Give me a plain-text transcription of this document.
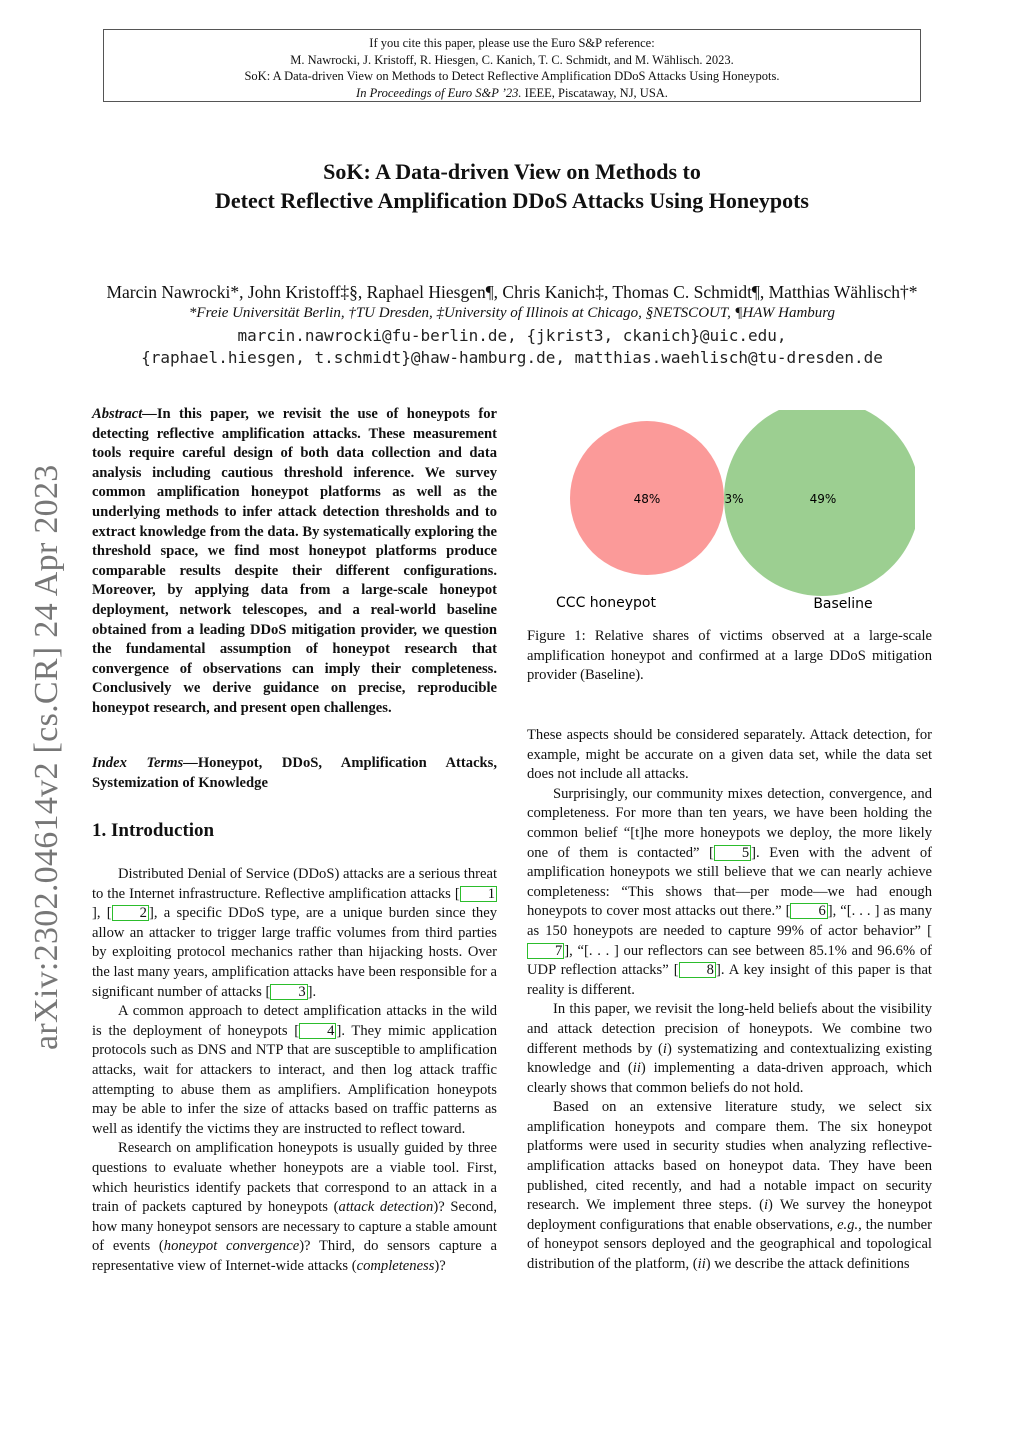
If you cite this paper, please use the Euro S&P reference:
M. Nawrocki, J. Kristoff, R. Hiesgen, C. Kanich, T. C. Schmidt, and M. Wählisch. 2023.
SoK: A Data-driven View on Methods to Detect Reflective Amplification DDoS Attacks Using Honeypots.
In Proceedings of Euro S&P ’23. IEEE, Piscataway, NJ, USA.
arXiv:2302.04614v2 [cs.CR] 24 Apr 2023
SoK: A Data-driven View on Methods to
Detect Reflective Amplification DDoS Attacks Using Honeypots
Marcin Nawrocki*, John Kristoff‡§, Raphael Hiesgen¶, Chris Kanich‡, Thomas C. Schmidt¶, Matthias Wählisch†*
*Freie Universität Berlin, †TU Dresden, ‡University of Illinois at Chicago, §NETSCOUT, ¶HAW Hamburg
marcin.nawrocki@fu-berlin.de, {jkrist3, ckanich}@uic.edu,
{raphael.hiesgen, t.schmidt}@haw-hamburg.de, matthias.waehlisch@tu-dresden.de

Abstract—In this paper, we revisit the use of honeypots for detecting reflective amplification attacks. These measurement tools require careful design of both data collection and data analysis including cautious threshold inference. We survey common amplification honeypot platforms as well as the underlying methods to infer attack detection thresholds and to extract knowledge from the data. By systematically exploring the threshold space, we find most honeypot platforms produce comparable results despite their different configurations. Moreover, by applying data from a large-scale honeypot deployment, network telescopes, and a real-world baseline obtained from a leading DDoS mitigation provider, we question the fundamental assumption of honeypot research that convergence of observations can imply their completeness. Conclusively we derive guidance on precise, reproducible honeypot research, and present open challenges.

Index Terms—Honeypot, DDoS, Amplification Attacks, Systemization of Knowledge

1. Introduction

Distributed Denial of Service (DDoS) attacks are a serious threat to the Internet infrastructure. Reflective amplification attacks [ 1], [ 2 ], a specific DDoS type, are a unique burden since they allow an attacker to trigger large traffic volumes from third parties by exploiting protocol mechanics rather than hijacking hosts. Over the last many years, amplification attacks have been responsible for a significant number of attacks [ 3 ].

A common approach to detect amplification attacks in the wild is the deployment of honeypots [ 4 ]. They mimic application protocols such as DNS and NTP that are susceptible to amplification attacks, wait for attackers to interact, and then log attack traffic attempting to abuse them as amplifiers. Amplification honeypots may be able to infer the size of attacks based on traffic patterns as well as identify the victims they are instructed to reflect toward.

Research on amplification honeypots is usually guided by three questions to evaluate whether honeypots are a viable tool. First, which heuristics identify packets that correspond to an attack in a train of packets captured by honeypots (attack detection)? Second, how many honeypot sensors are necessary to capture a stable amount of events (honeypot convergence)? Third, do sensors capture a representative view of Internet-wide attacks (completeness)?

48%	3%	49%
CCC honeypot	Baseline
Figure 1: Relative shares of victims observed at a large-scale amplification honeypot and confirmed at a large DDoS mitigation provider (Baseline).

These aspects should be considered separately. Attack detection, for example, might be accurate on a given data set, while the data set does not include all attacks.

Surprisingly, our community mixes detection, convergence, and completeness. For more than ten years, we have been holding the common belief “[t]he more honeypots we deploy, the more likely one of them is contacted” [ 5 ]. Even with the advent of amplification honeypots we still believe that we can nearly achieve completeness: “This shows that—per mode—we had enough honeypots to cover most attacks out there.” [ 6 ], “[. . . ] as many as 150 honeypots are needed to capture 99% of actor behavior” [7 ], “[. . . ] our reflectors can see between 85.1% and 96.6% of UDP reflection attacks” [ 8 ]. A key insight of this paper is that reality is different.

In this paper, we revisit the long-held beliefs about the visibility and attack detection precision of honeypots. We combine two different methods by (i) systematizing and contextualizing existing knowledge and (ii) implementing a data-driven approach, which clearly shows that common beliefs do not hold.

Based on an extensive literature study, we select six amplification honeypots and compare them. The six honeypot platforms were used in security studies when analyzing reflective-amplification attacks based on honeypot data. They have been published, cited recently, and had a notable impact on security research. We implement three steps. (i) We survey the honeypot deployment configurations that enable observations, e.g., the number of honeypot sensors deployed and the geographical and topological distribution of the platform, (ii) we describe the attack definitions
